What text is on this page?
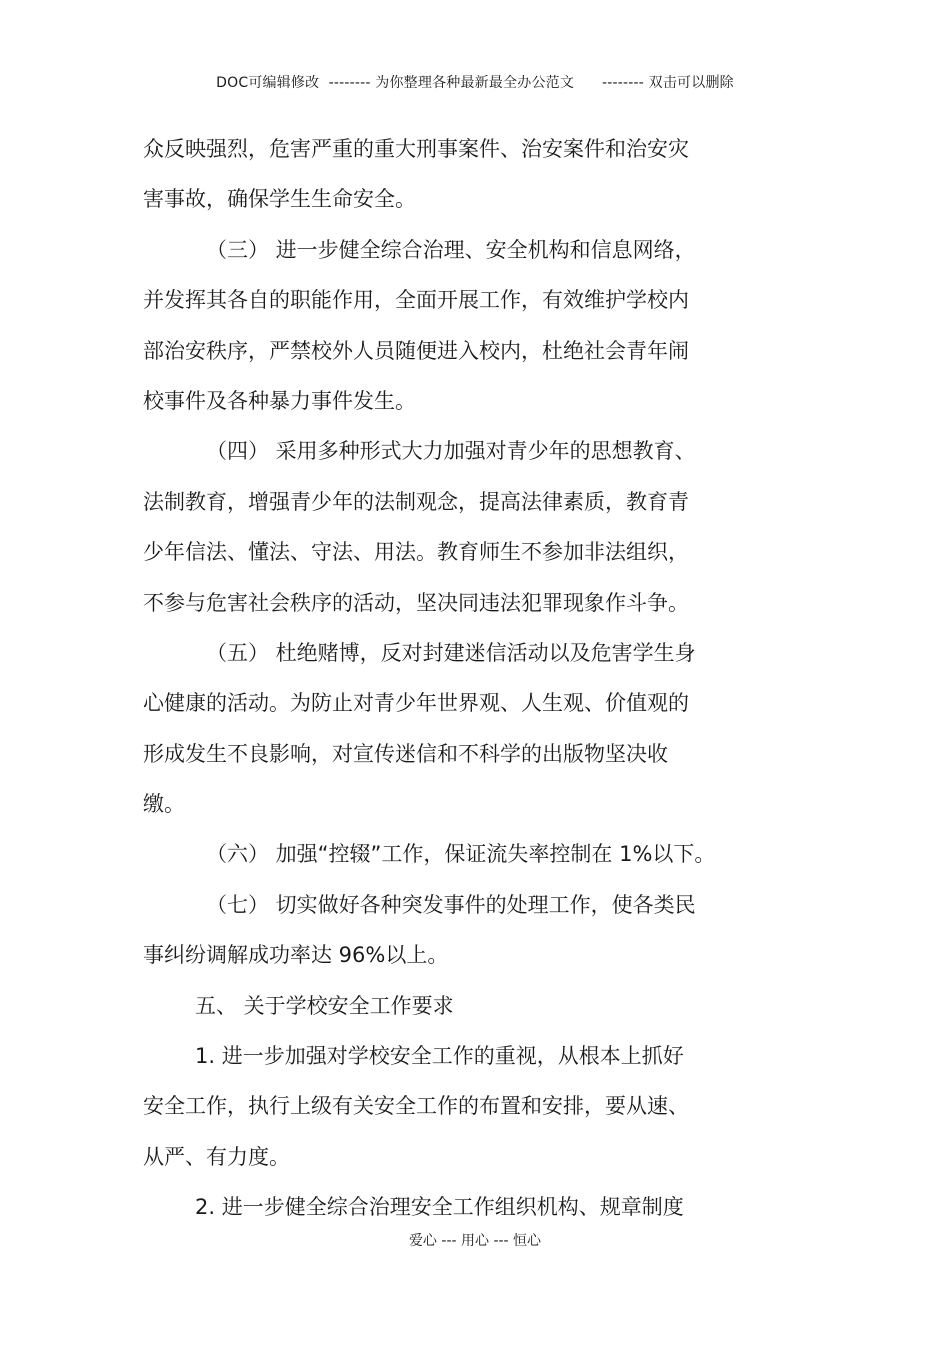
DOC可编辑修改  -------- 为你整理各种最新最全办公范文      -------- 双击可以删除
众反映强烈，危害严重的重大刑事案件、治安案件和治安灾
害事故，确保学生生命安全。
（三） 进一步健全综合治理、安全机构和信息网络，
并发挥其各自的职能作用，全面开展工作，有效维护学校内
部治安秩序，严禁校外人员随便进入校内，杜绝社会青年闹
校事件及各种暴力事件发生。
（四） 采用多种形式大力加强对青少年的思想教育、
法制教育，增强青少年的法制观念，提高法律素质，教育青
少年信法、懂法、守法、用法。教育师生不参加非法组织，
不参与危害社会秩序的活动，坚决同违法犯罪现象作斗争。
（五） 杜绝赌博，反对封建迷信活动以及危害学生身
心健康的活动。为防止对青少年世界观、人生观、价值观的
形成发生不良影响，对宣传迷信和不科学的出版物坚决收
缴。
（六） 加强“控辍”工作，保证流失率控制在 1%以下。
（七） 切实做好各种突发事件的处理工作，使各类民
事纠纷调解成功率达 96%以上。
五、 关于学校安全工作要求
1. 进一步加强对学校安全工作的重视，从根本上抓好
安全工作，执行上级有关安全工作的布置和安排，要从速、
从严、有力度。
2. 进一步健全综合治理安全工作组织机构、规章制度
爱心 --- 用心 --- 恒心
